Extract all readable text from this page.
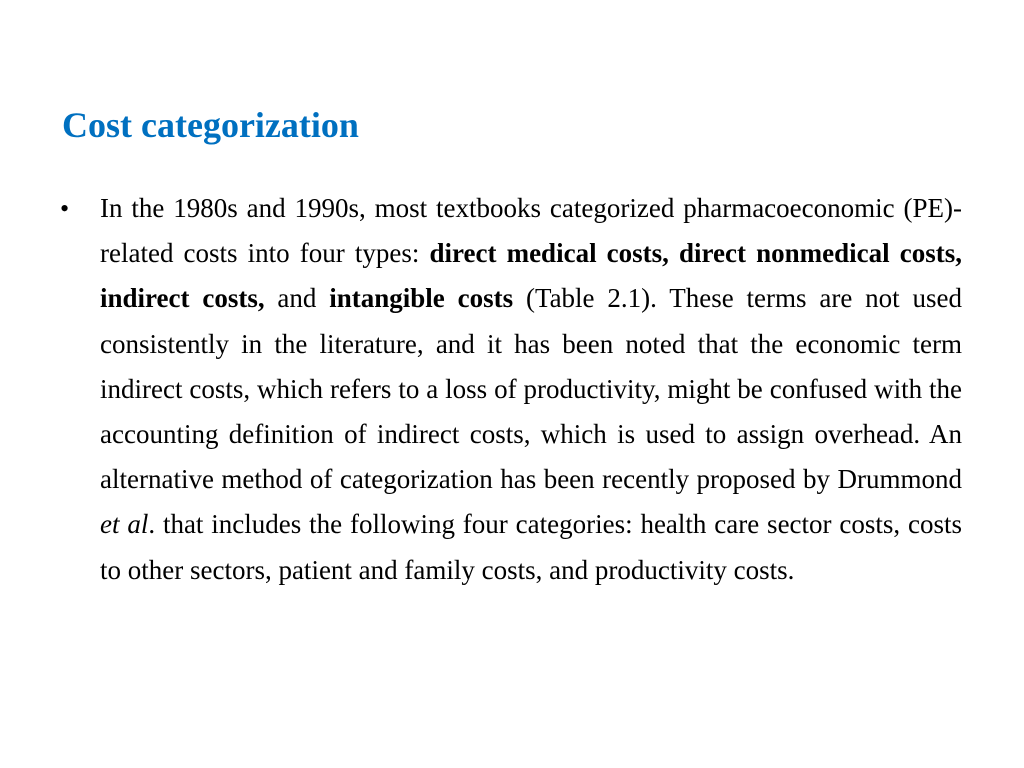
Cost categorization
•	In the 1980s and 1990s, most textbooks categorized pharmacoeconomic (PE)-related costs into four types: direct medical costs, direct nonmedical costs, indirect costs, and intangible costs (Table 2.1). These terms are not used consistently in the literature, and it has been noted that the economic term indirect costs, which refers to a loss of productivity, might be confused with the accounting definition of indirect costs, which is used to assign overhead. An alternative method of categorization has been recently proposed by Drummond et al. that includes the following four categories: health care sector costs, costs to other sectors, patient and family costs, and productivity costs.
